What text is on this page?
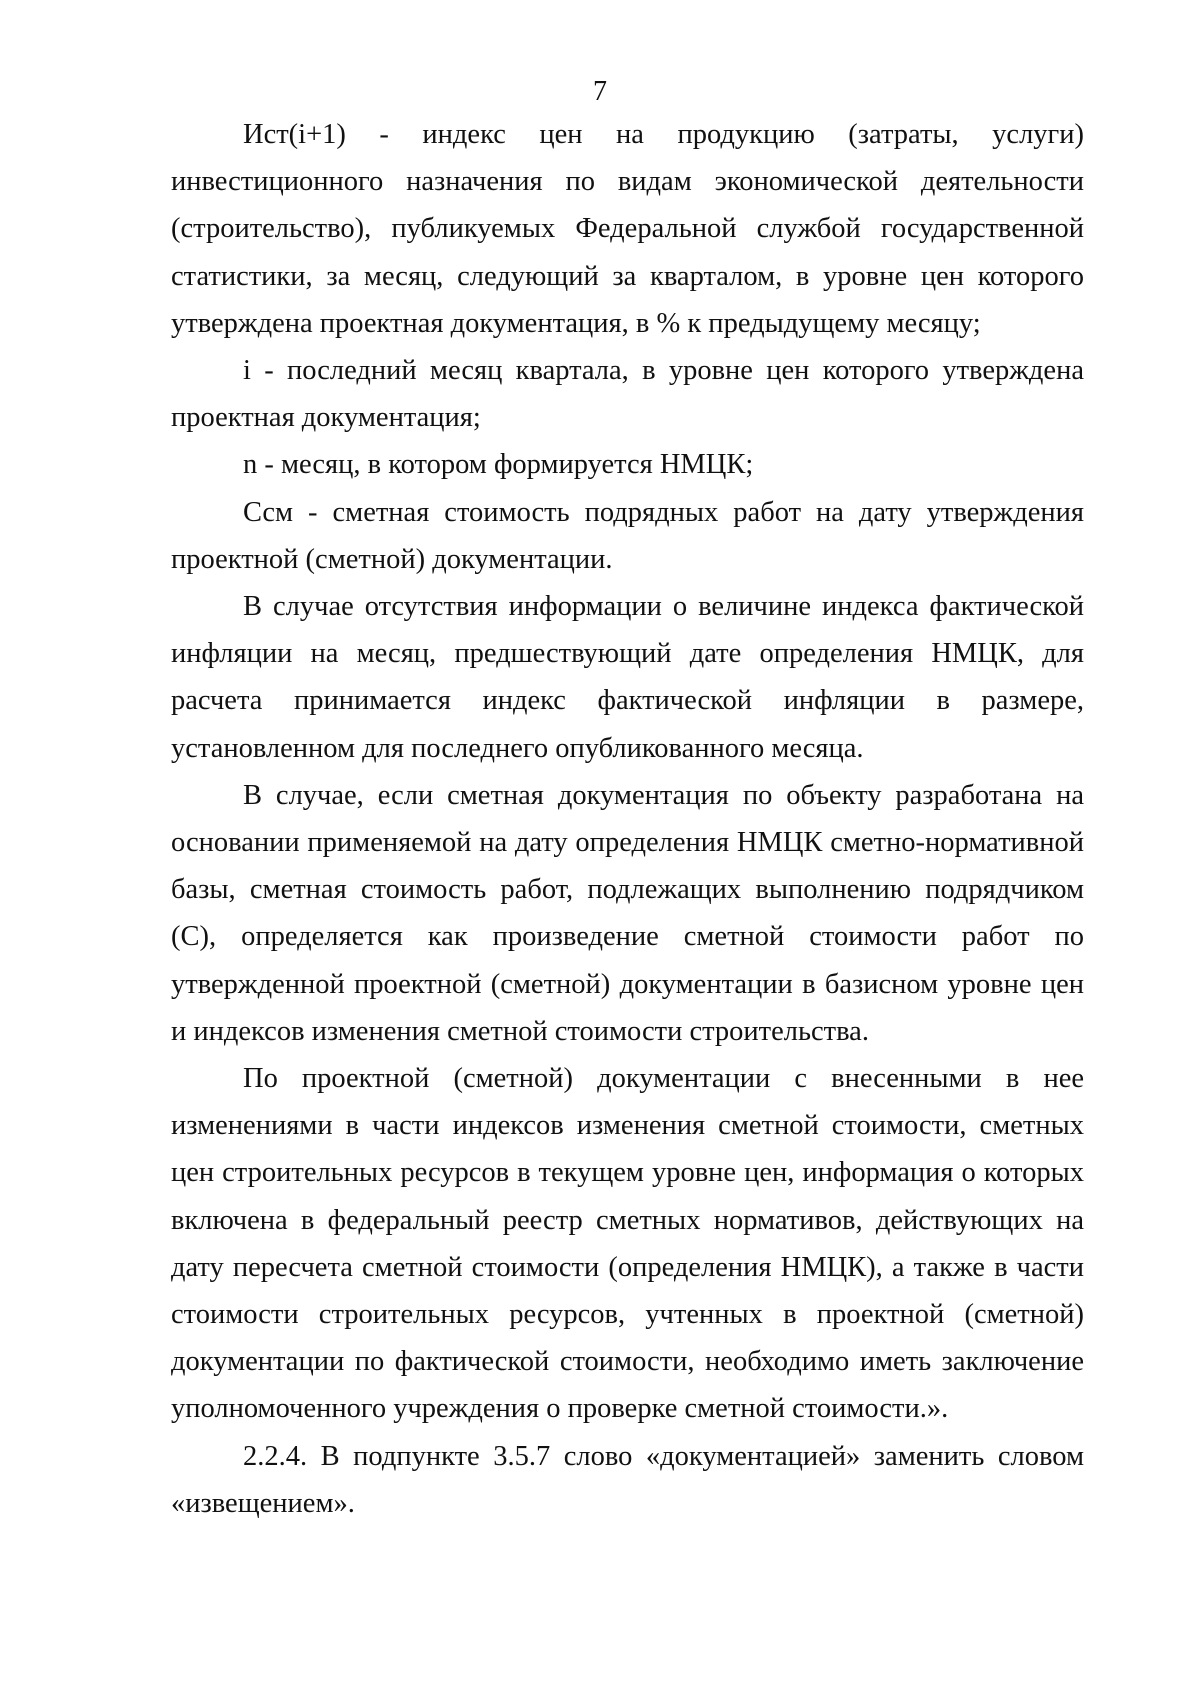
7

Ист(i+1) - индекс цен на продукцию (затраты, услуги) инвестиционного назначения по видам экономической деятельности (строительство), публикуемых Федеральной службой государственной статистики, за месяц, следующий за кварталом, в уровне цен которого утверждена проектная документация, в % к предыдущему месяцу;

i - последний месяц квартала, в уровне цен которого утверждена проектная документация;

n - месяц, в котором формируется НМЦК;

Ссм - сметная стоимость подрядных работ на дату утверждения проектной (сметной) документации.

В случае отсутствия информации о величине индекса фактической инфляции на месяц, предшествующий дате определения НМЦК, для расчета принимается индекс фактической инфляции в размере, установленном для последнего опубликованного месяца.

В случае, если сметная документация по объекту разработана на основании применяемой на дату определения НМЦК сметно-нормативной базы, сметная стоимость работ, подлежащих выполнению подрядчиком (С), определяется как произведение сметной стоимости работ по утвержденной проектной (сметной) документации в базисном уровне цен и индексов изменения сметной стоимости строительства.

По проектной (сметной) документации с внесенными в нее изменениями в части индексов изменения сметной стоимости, сметных цен строительных ресурсов в текущем уровне цен, информация о которых включена в федеральный реестр сметных нормативов, действующих на дату пересчета сметной стоимости (определения НМЦК), а также в части стоимости строительных ресурсов, учтенных в проектной (сметной) документации по фактической стоимости, необходимо иметь заключение уполномоченного учреждения о проверке сметной стоимости.».

2.2.4. В подпункте 3.5.7 слово «документацией» заменить словом «извещением».
